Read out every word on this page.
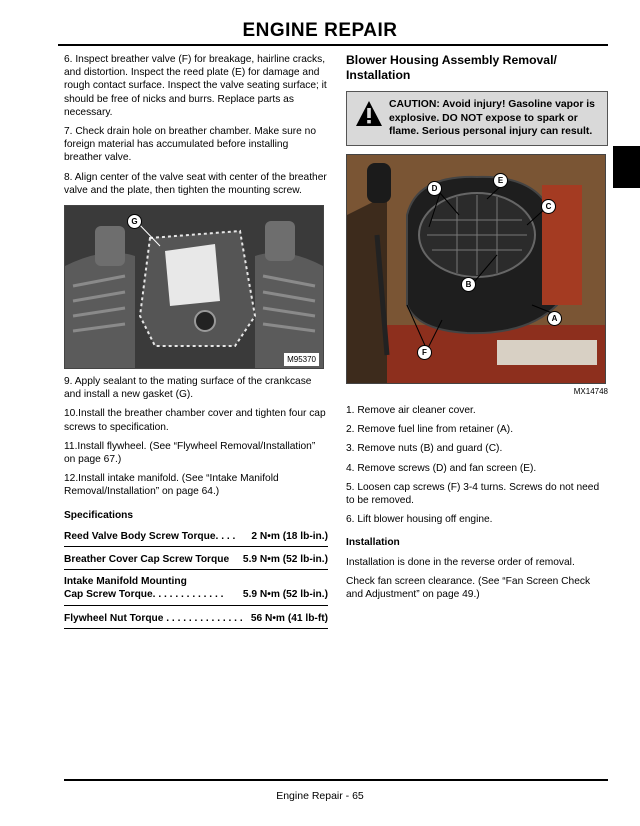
ENGINE REPAIR

6. Inspect breather valve (F) for breakage, hairline cracks, and distortion. Inspect the reed plate (E) for damage and rough contact surface. Inspect the valve seating surface; it should be free of nicks and burrs. Replace parts as necessary.

7. Check drain hole on breather chamber. Make sure no foreign material has accumulated before installing breather valve.

8. Align center of the valve seat with center of the breather valve and the plate, then tighten the mounting screw.

G
M95370

9. Apply sealant to the mating surface of the crankcase and install a new gasket (G).

10.Install the breather chamber cover and tighten four cap screws to specification.

11.Install flywheel. (See “Flywheel Removal/Installation” on page 67.)

12.Install intake manifold. (See “Intake Manifold Removal/Installation” on page 64.)

Specifications
Reed Valve Body Screw Torque. . . . 2 N•m (18 lb-in.)
Breather Cover Cap Screw Torque 5.9 N•m (52 lb-in.)
Intake Manifold Mounting
Cap Screw Torque. . . . . . . . . . . . . 5.9 N•m (52 lb-in.)
Flywheel Nut Torque . . . . . . . . . . . . . . 56 N•m (41 lb-ft)
Blower Housing Assembly Removal/ Installation
CAUTION: Avoid injury! Gasoline vapor is explosive. DO NOT expose to spark or flame. Serious personal injury can result.
D
E
C
B
A
F
MX14748

1. Remove air cleaner cover.

2. Remove fuel line from retainer (A).

3. Remove nuts (B) and guard (C).

4. Remove screws (D) and fan screen (E).

5. Loosen cap screws (F) 3-4 turns. Screws do not need to be removed.

6. Lift blower housing off engine.

Installation

Installation is done in the reverse order of removal.

Check fan screen clearance. (See “Fan Screen Check and Adjustment” on page 49.)

Engine Repair - 65
